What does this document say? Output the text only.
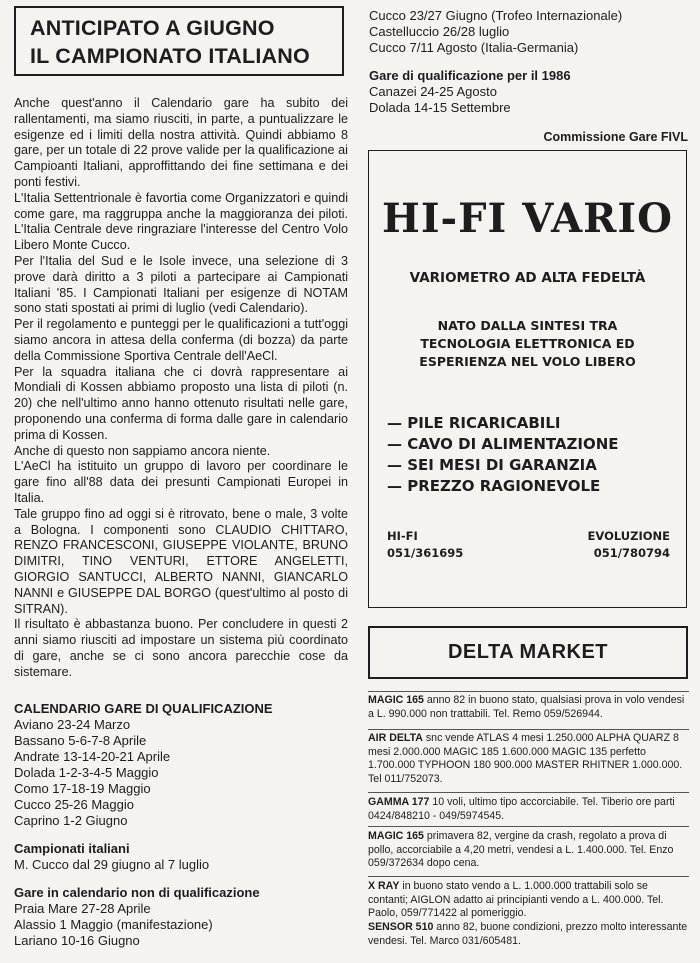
ANTICIPATO A GIUGNO
IL CAMPIONATO ITALIANO

Anche quest'anno il Calendario gare ha subito dei rallentamenti, ma siamo riusciti, in parte, a puntualizzare le esigenze ed i limiti della nostra attività. Quindi abbiamo 8 gare, per un totale di 22 prove valide per la qualificazione ai Campioanti Italiani, approffittando dei fine settimana e dei ponti festivi.

L'Italia Settentrionale è favortia come Organizzatori e quindi come gare, ma raggruppa anche la maggioranza dei piloti. L'Italia Centrale deve ringraziare l'interesse del Centro Volo Libero Monte Cucco.

Per l'Italia del Sud e le Isole invece, una selezione di 3 prove darà diritto a 3 piloti a partecipare ai Campionati Italiani '85. I Campionati Italiani per esigenze di NOTAM sono stati spostati ai primi di luglio (vedi Calendario).

Per il regolamento e punteggi per le qualificazioni a tutt'oggi siamo ancora in attesa della conferma (di bozza) da parte della Commissione Sportiva Centrale dell'AeCl.

Per la squadra italiana che ci dovrà rappresentare ai Mondiali di Kossen abbiamo proposto una lista di piloti (n. 20) che nell'ultimo anno hanno ottenuto risultati nelle gare, proponendo una conferma di forma dalle gare in calendario prima di Kossen.

Anche di questo non sappiamo ancora niente.

L'AeCl ha istituito un gruppo di lavoro per coordinare le gare fino all'88 data dei presunti Campionati Europei in Italia.

Tale gruppo fino ad oggi si è ritrovato, bene o male, 3 volte a Bologna. I componenti sono CLAUDIO CHITTARO, RENZO FRANCESCONI, GIUSEPPE VIOLANTE, BRUNO DIMITRI, TINO VENTURI, ETTORE ANGELETTI, GIORGIO SANTUCCI, ALBERTO NANNI, GIANCARLO NANNI e GIUSEPPE DAL BORGO (quest'ultimo al posto di SITRAN).

Il risultato è abbastanza buono. Per concludere in questi 2 anni siamo riusciti ad impostare un sistema più coordinato di gare, anche se ci sono ancora parecchie cose da sistemare.

CALENDARIO GARE DI QUALIFICAZIONE
Aviano 23-24 Marzo
Bassano 5-6-7-8 Aprile
Andrate 13-14-20-21 Aprile
Dolada 1-2-3-4-5 Maggio
Como 17-18-19 Maggio
Cucco 25-26 Maggio
Caprino 1-2 Giugno
Campionati italiani
M. Cucco dal 29 giugno al 7 luglio
Gare in calendario non di qualificazione
Praia Mare 27-28 Aprile
Alassio 1 Maggio (manifestazione)
Lariano 10-16 Giugno
Cucco 23/27 Giugno (Trofeo Internazionale)
Castelluccio 26/28 luglio
Cucco 7/11 Agosto (Italia-Germania)
Gare di qualificazione per il 1986
Canazei 24-25 Agosto
Dolada 14-15 Settembre
Commissione Gare FIVL
HI-FI VARIO
VARIOMETRO AD ALTA FEDELTÀ
NATO DALLA SINTESI TRA
TECNOLOGIA ELETTRONICA ED
ESPERIENZA NEL VOLO LIBERO
— PILE RICARICABILI
— CAVO DI ALIMENTAZIONE
— SEI MESI DI GARANZIA
— PREZZO RAGIONEVOLE
HI-FI
051/361695
EVOLUZIONE
051/780794
DELTA MARKET

MAGIC 165 anno 82 in buono stato, qualsiasi prova in volo vendesi a L. 990.000 non trattabili. Tel. Remo 059/526944.

AIR DELTA snc vende ATLAS 4 mesi 1.250.000 ALPHA QUARZ 8 mesi 2.000.000 MAGIC 185 1.600.000 MAGIC 135 perfetto 1.700.000 TYPHOON 180 900.000 MASTER RHITNER 1.000.000. Tel 011/752073.

GAMMA 177 10 voli, ultimo tipo accorciabile. Tel. Tiberio ore parti 0424/848210 - 049/5974545.

MAGIC 165 primavera 82, vergine da crash, regolato a prova di pollo, accorciabile a 4,20 metri, vendesi a L. 1.400.000. Tel. Enzo 059/372634 dopo cena.

X RAY in buono stato vendo a L. 1.000.000 trattabili solo se contanti; AIGLON adatto ai principianti vendo a L. 400.000. Tel. Paolo, 059/771422 al pomeriggio.

SENSOR 510 anno 82, buone condizioni, prezzo molto interessante vendesi. Tel. Marco 031/605481.
